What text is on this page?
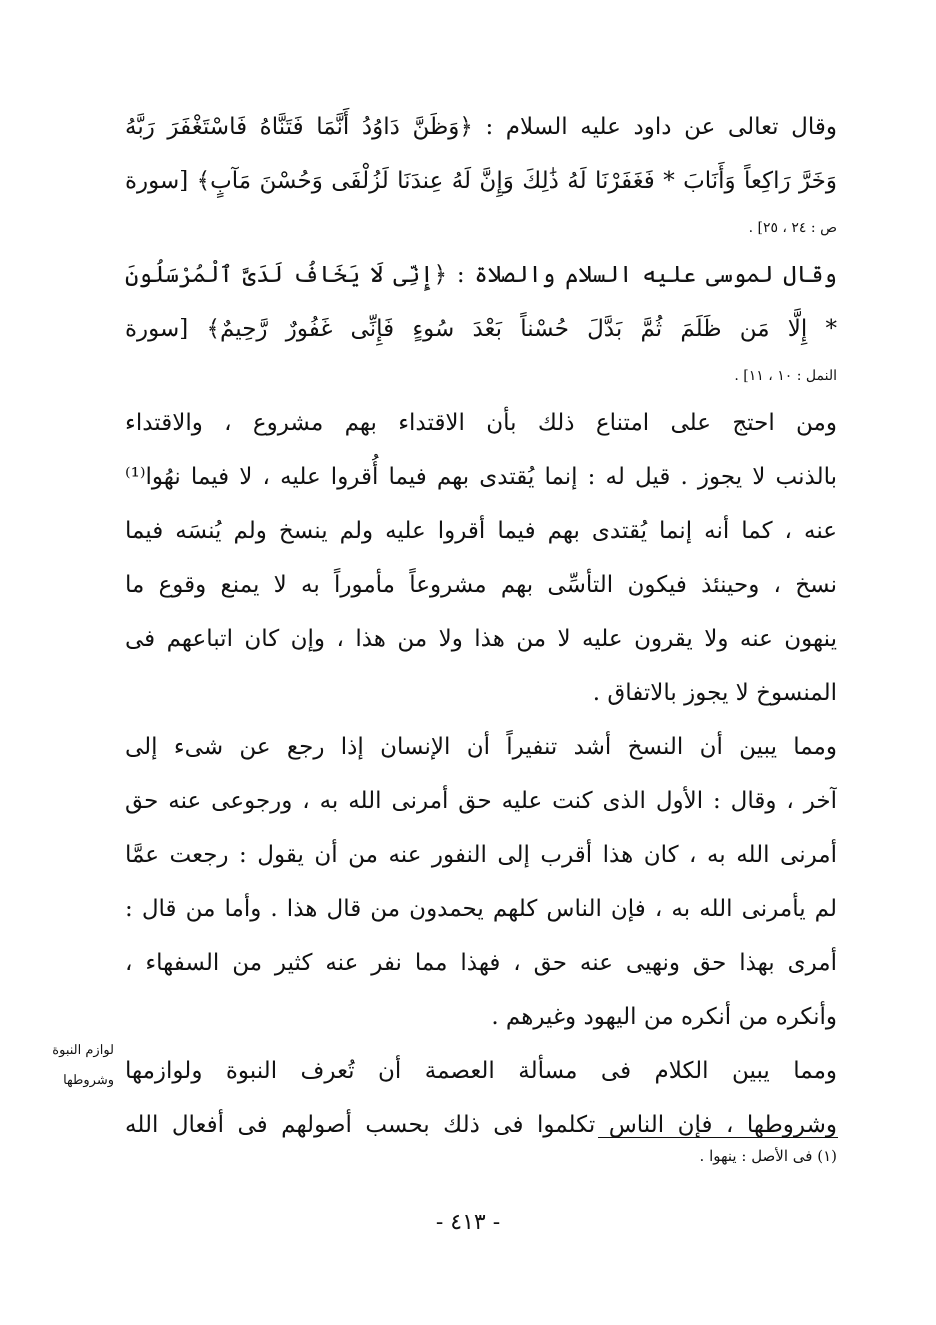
وقال تعالى عن داود عليه السلام : ﴿وَظَنَّ دَاوُدُ أَنَّمَا فَتَنَّاهُ فَاسْتَغْفَرَ رَبَّهُ
وَخَرَّ رَاكِعاً وَأَنَابَ * فَغَفَرْنَا لَهُ ذَٰلِكَ وَإِنَّ لَهُ عِندَنَا لَزُلْفَى وَحُسْنَ مَآبٍ﴾ [سورة
ص : ٢٤ ، ٢٥] .
وقال لموسى عليه السلام والصلاة : ﴿إِنِّى لَا يَخَافُ لَدَىَّ ٱلْمُرْسَلُونَ
* إِلَّا مَن ظَلَمَ ثُمَّ بَدَّلَ حُسْناً بَعْدَ سُوءٍ فَإِنِّى غَفُورٌ رَّحِيمٌ﴾ [سورة
النمل : ١٠ ، ١١] .
ومن احتج على امتناع ذلك بأن الاقتداء بهم مشروع ، والاقتداء
بالذنب لا يجوز . قيل له : إنما يُقتدى بهم فيما أُقروا عليه ، لا فيما نهُوا⁽¹⁾
عنه ، كما أنه إنما يُقتدى بهم فيما أقروا عليه ولم ينسخ ولم يُنسَه فيما
نسخ ، وحينئذ فيكون التأسِّى بهم مشروعاً مأموراً به لا يمنع وقوع ما
ينهون عنه ولا يقرون عليه لا من هذا ولا من هذا ، وإن كان اتباعهم فى
المنسوخ لا يجوز بالاتفاق .
ومما يبين أن النسخ أشد تنفيراً أن الإنسان إذا رجع عن شىء إلى
آخر ، وقال : الأول الذى كنت عليه حق أمرنى الله به ، ورجوعى عنه حق
أمرنى الله به ، كان هذا أقرب إلى النفور عنه من أن يقول : رجعت عمَّا
لم يأمرنى الله به ، فإن الناس كلهم يحمدون من قال هذا . وأما من قال :
أمرى بهذا حق ونهيى عنه حق ، فهذا مما نفر عنه كثير من السفهاء ،
وأنكره من أنكره من اليهود وغيرهم .
ومما يبين الكلام فى مسألة العصمة أن تُعرف النبوة ولوازمها
وشروطها ، فإن الناس تكلموا فى ذلك بحسب أصولهم فى أفعال الله
لوازم النبوة
وشروطها
(١) فى الأصل : ينهوا .
- ٤١٣ -
